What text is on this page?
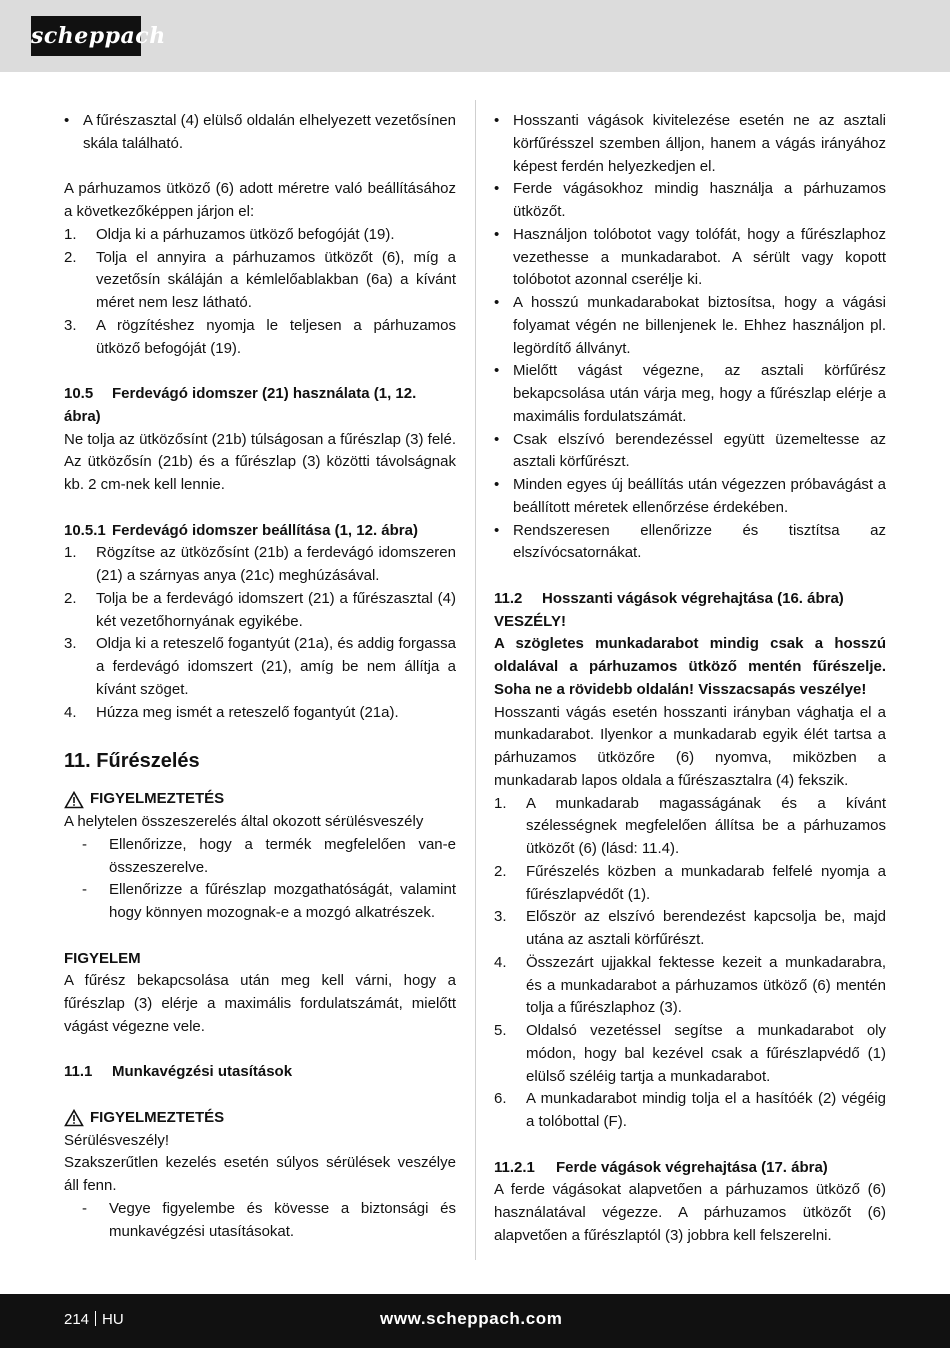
scheppach
• A fűrészasztal (4) elülső oldalán elhelyezett vezetősínen skála található.

A párhuzamos ütköző (6) adott méretre való beállításához a következőképpen járjon el:

1. Oldja ki a párhuzamos ütköző befogóját (19).
2. Tolja el annyira a párhuzamos ütközőt (6), míg a vezetősín skáláján a kémlelőablakban (6a) a kívánt méret nem lesz látható.
3. A rögzítéshez nyomja le teljesen a párhuzamos ütköző befogóját (19).
10.5 Ferdevágó idomszer (21) használata (1, 12. ábra)

Ne tolja az ütközősínt (21b) túlságosan a fűrészlap (3) felé. Az ütközősín (21b) és a fűrészlap (3) közötti távolságnak kb. 2 cm-nek kell lennie.

10.5.1 Ferdevágó idomszer beállítása (1, 12. ábra)
1. Rögzítse az ütközősínt (21b) a ferdevágó idomszeren (21) a szárnyas anya (21c) meghúzásával.
2. Tolja be a ferdevágó idomszert (21) a fűrészasztal (4) két vezetőhornyának egyikébe.
3. Oldja ki a reteszelő fogantyút (21a), és addig forgassa a ferdevágó idomszert (21), amíg be nem állítja a kívánt szöget.
4. Húzza meg ismét a reteszelő fogantyút (21a).
11. Fűrészelés
FIGYELMEZTETÉS

A helytelen összeszerelés által okozott sérülésveszély

- Ellenőrizze, hogy a termék megfelelően van-e összeszerelve.
- Ellenőrizze a fűrészlap mozgathatóságát, valamint hogy könnyen mozognak-e a mozgó alkatrészek.
FIGYELEM

A fűrész bekapcsolása után meg kell várni, hogy a fűrészlap (3) elérje a maximális fordulatszámát, mielőtt vágást végezne vele.

11.1 Munkavégzési utasítások
FIGYELMEZTETÉS

Sérülésveszély!

Szakszerűtlen kezelés esetén súlyos sérülések veszélye áll fenn.

- Vegye figyelembe és kövesse a biztonsági és munkavégzési utasításokat.
• Hosszanti vágások kivitelezése esetén ne az asztali körfűrésszel szemben álljon, hanem a vágás irányához képest ferdén helyezkedjen el.
• Ferde vágásokhoz mindig használja a párhuzamos ütközőt.
• Használjon tolóbotot vagy tolófát, hogy a fűrészlaphoz vezethesse a munkadarabot. A sérült vagy kopott tolóbotot azonnal cserélje ki.
• A hosszú munkadarabokat biztosítsa, hogy a vágási folyamat végén ne billenjenek le. Ehhez használjon pl. legördítő állványt.
• Mielőtt vágást végezne, az asztali körfűrész bekapcsolása után várja meg, hogy a fűrészlap elérje a maximális fordulatszámát.
• Csak elszívó berendezéssel együtt üzemeltesse az asztali körfűrészt.
• Minden egyes új beállítás után végezzen próbavágást a beállított méretek ellenőrzése érdekében.
• Rendszeresen ellenőrizze és tisztítsa az elszívócsatornákat.
11.2 Hosszanti vágások végrehajtása (16. ábra)
VESZÉLY!

A szögletes munkadarabot mindig csak a hosszú oldalával a párhuzamos ütköző mentén fűrészelje. Soha ne a rövidebb oldalán! Visszacsapás veszélye!

Hosszanti vágás esetén hosszanti irányban vághatja el a munkadarabot. Ilyenkor a munkadarab egyik élét tartsa a párhuzamos ütközőre (6) nyomva, miközben a munkadarab lapos oldala a fűrészasztalra (4) fekszik.

1. A munkadarab magasságának és a kívánt szélességnek megfelelően állítsa be a párhuzamos ütközőt (6) (lásd: 11.4).
2. Fűrészelés közben a munkadarab felfelé nyomja a fűrészlapvédőt (1).
3. Először az elszívó berendezést kapcsolja be, majd utána az asztali körfűrészt.
4. Összezárt ujjakkal fektesse kezeit a munkadarabra, és a munkadarabot a párhuzamos ütköző (6) mentén tolja a fűrészlaphoz (3).
5. Oldalsó vezetéssel segítse a munkadarabot oly módon, hogy bal kezével csak a fűrészlapvédő (1) elülső széléig tartja a munkadarabot.
6. A munkadarabot mindig tolja el a hasítóék (2) végéig a tolóbottal (F).
11.2.1 Ferde vágások végrehajtása (17. ábra)

A ferde vágásokat alapvetően a párhuzamos ütköző (6) használatával végezze. A párhuzamos ütközőt (6) alapvetően a fűrészlaptól (3) jobbra kell felszerelni.

214 HU	www.scheppach.com
